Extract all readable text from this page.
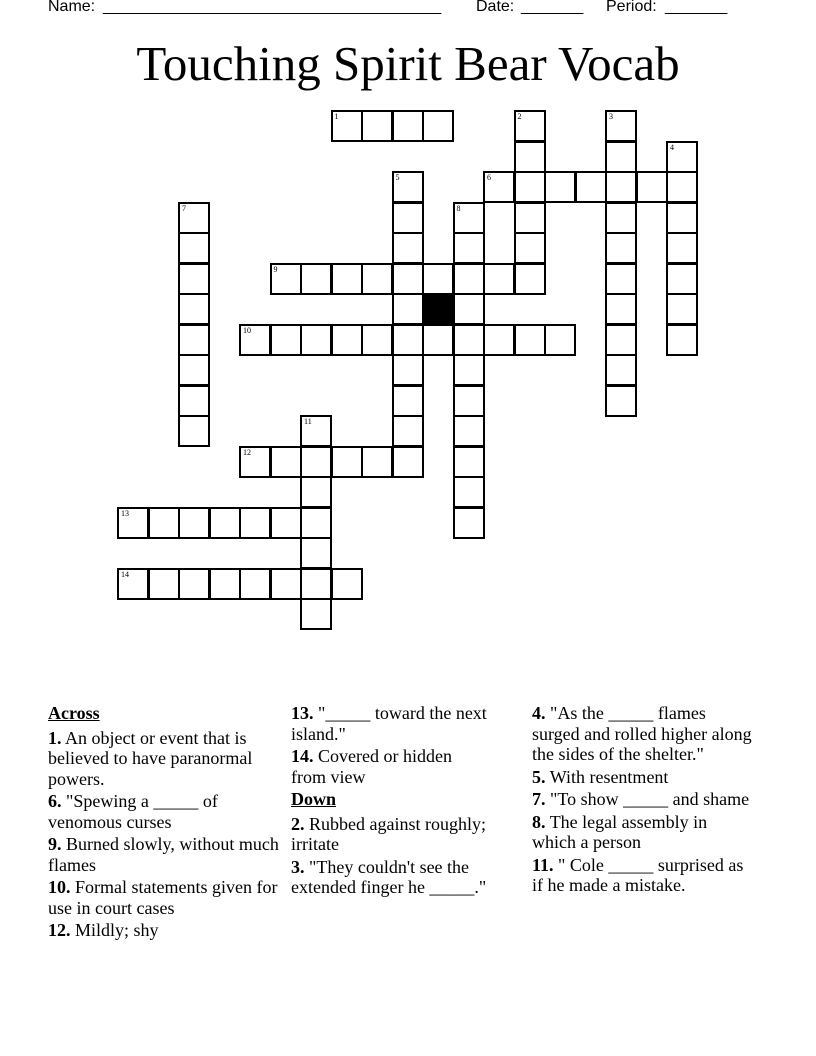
Name:

______________________________________

Date:

_______

Period:

_______

Touching Spirit Bear Vocab
1	2	3
4
5	6
7	8
9
10
11
12
13
14
Across
1. An object or event that is believed to have paranormal powers.
6. "Spewing a _____ of venomous curses
9. Burned slowly, without much flames
10. Formal statements given for use in court cases
12. Mildly; shy
13. "_____ toward the next island."
14. Covered or hidden from view
Down
2. Rubbed against roughly; irritate
3. "They couldn't see the extended finger he _____."
4. "As the _____ flames surged and rolled higher along the sides of the shelter."
5. With resentment
7. "To show _____ and shame
8. The legal assembly in which a person
11. " Cole _____ surprised as if he made a mistake.
